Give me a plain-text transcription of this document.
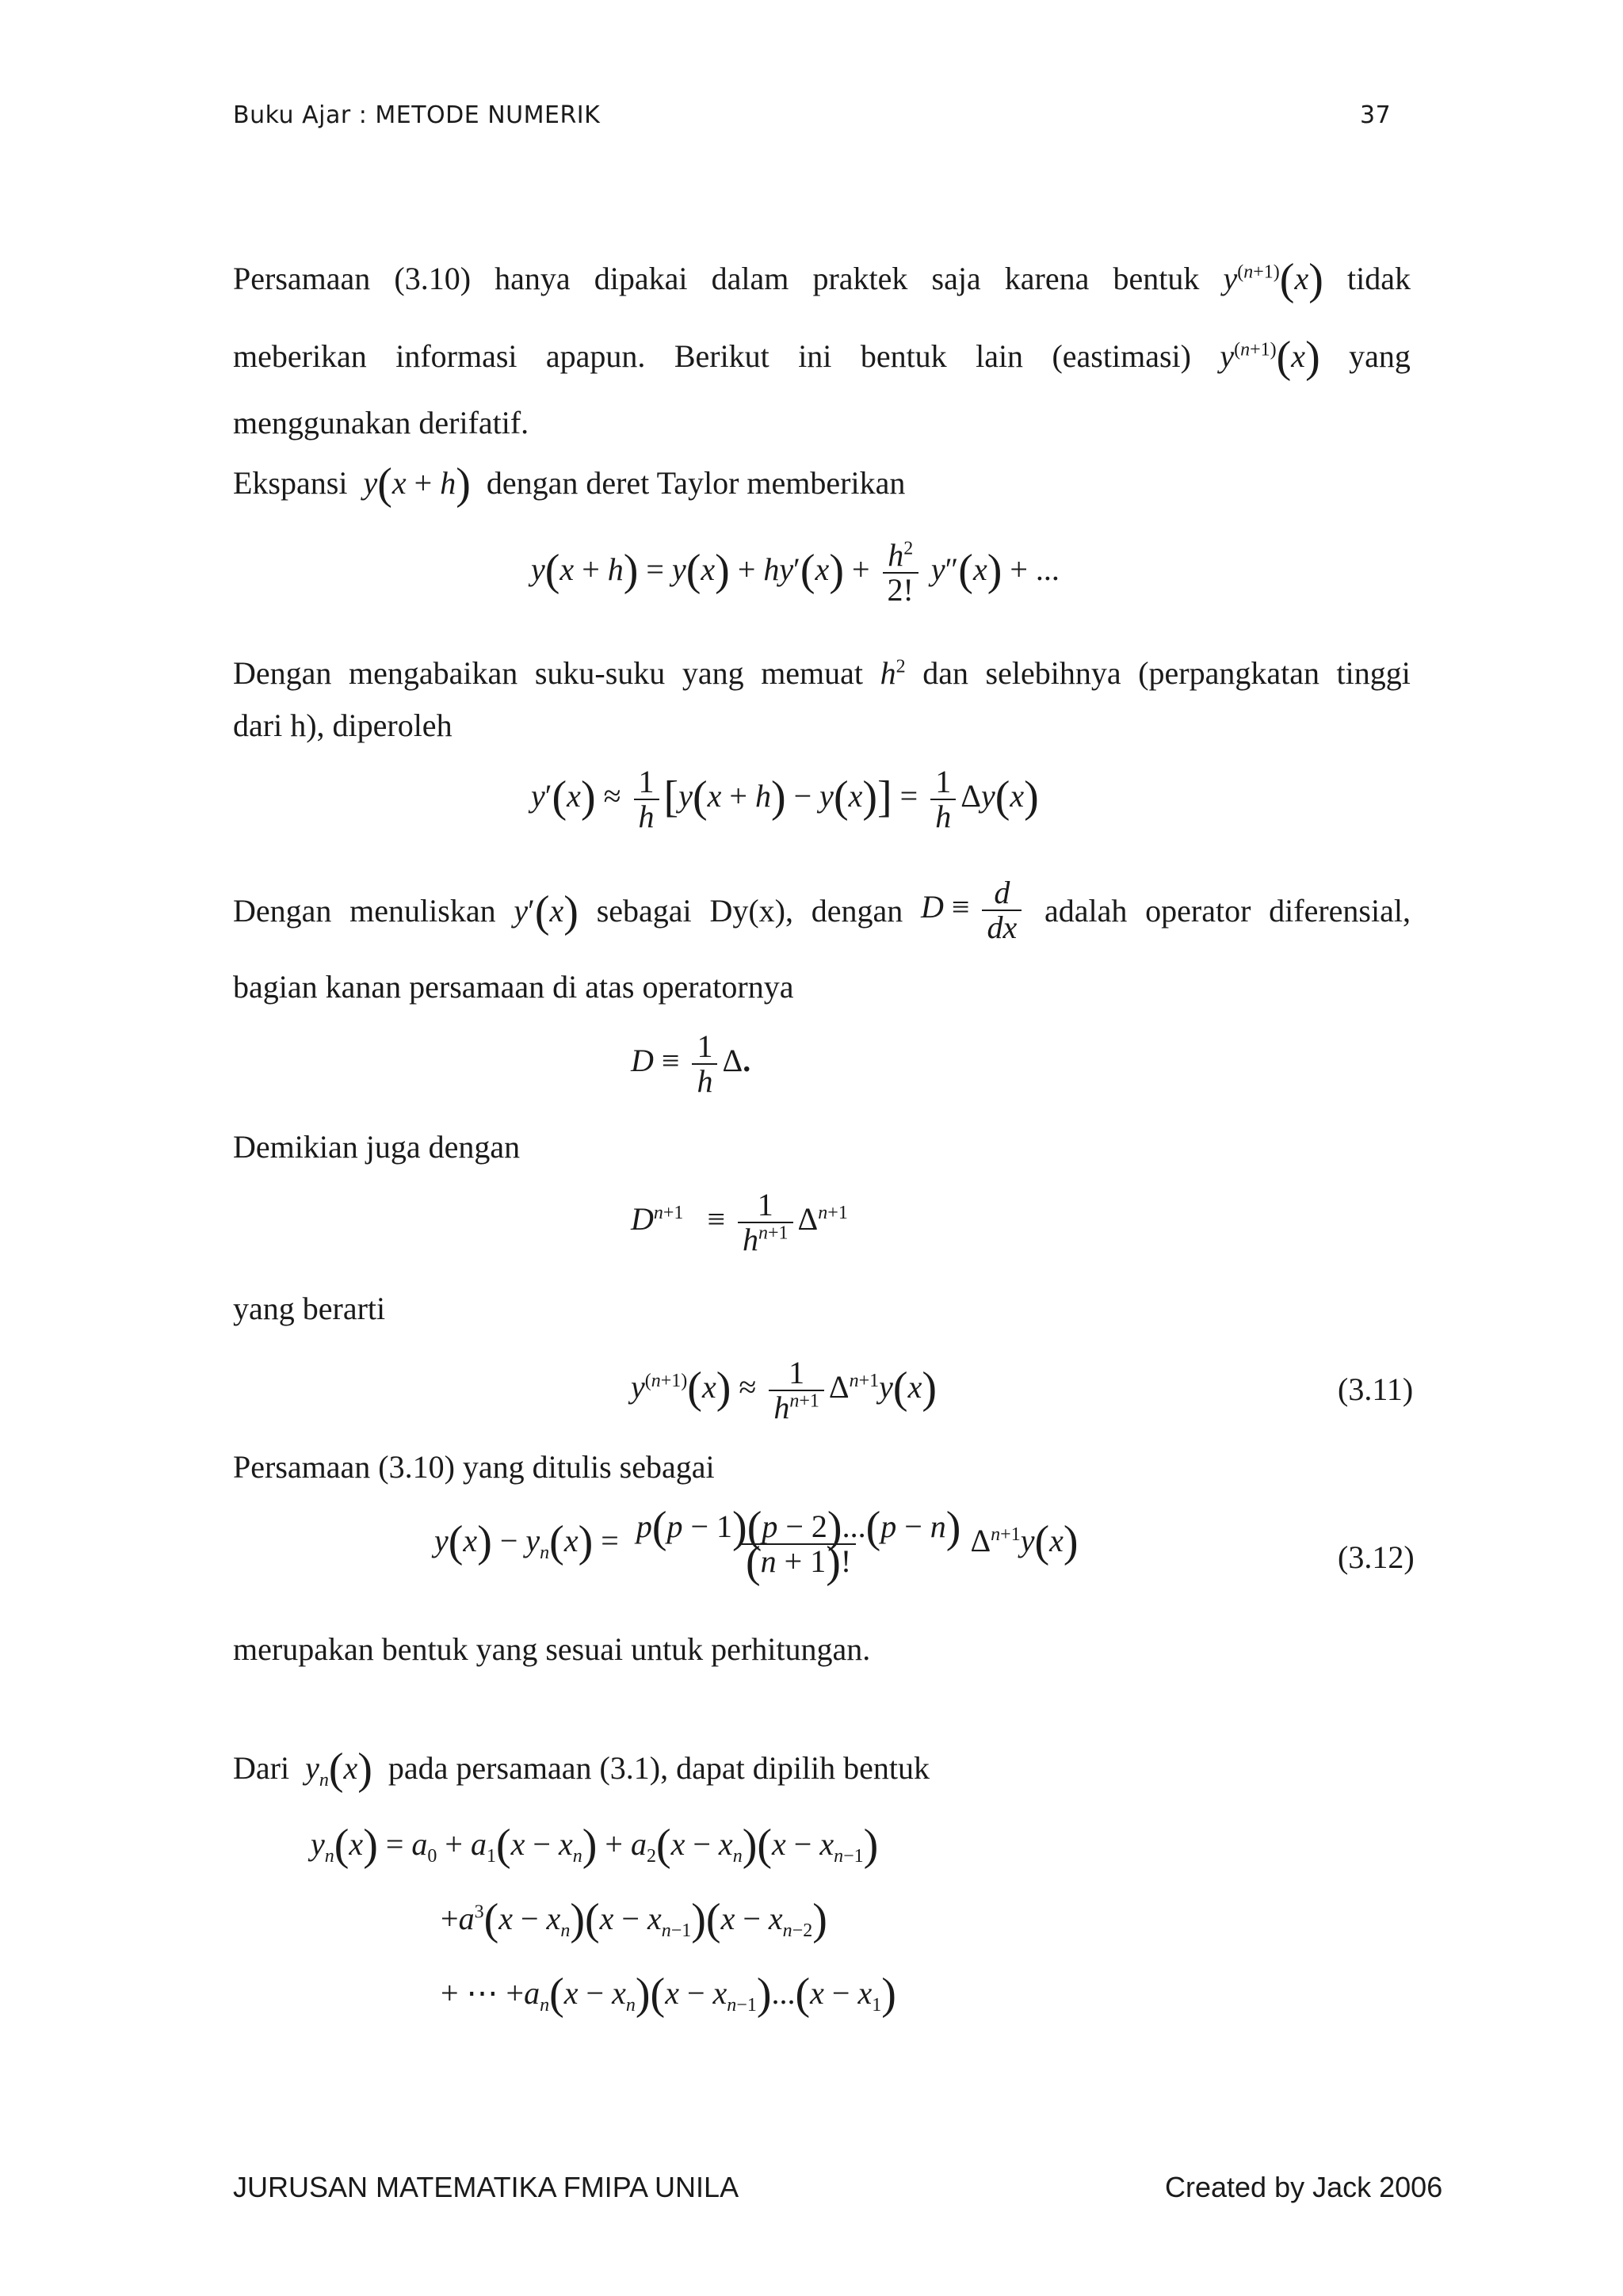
Buku Ajar : METODE NUMERIK	37
Persamaan (3.10) hanya dipakai dalam praktek saja karena bentuk $y^{(n+1)}(x)$ tidak
meberikan informasi apapun. Berikut ini bentuk lain (eastimasi) $y^{(n+1)}(x)$ yang
menggunakan derifatif.
Ekspansi y(x + h) dengan deret Taylor memberikan
$y(x + h) = y(x) + hy'(x) + \frac{h^2}{2!} y''(x)$ + ...
Dengan mengabaikan suku-suku yang memuat $h^2$ dan selebihnya (perpangkatan tinggi
dari h), diperoleh
$y'(x) \approx \frac{1}{h} [y(x + h) - y(x)] = \frac{1}{h} \Delta y(x)$
Dengan menuliskan y′(x) sebagai Dy(x), dengan $D \equiv \frac{d}{dx}$ adalah operator diferensial,
bagian kanan persamaan di atas operatornya
$D \equiv \frac{1}{h} \Delta$.
Demikian juga dengan
$D^{n+1} \equiv \frac{1}{h^{n+1}} \Delta^{n+1}$
yang berarti
$y^{(n+1)}(x) \approx \frac{1}{h^{n+1}} \Delta^{n+1}y(x)$	(3.11)
Persamaan (3.10) yang ditulis sebagai
$y(x) - y_n(x) = \frac{p(p - 1)(p - 2)...(p - n)}{(n + 1)!} \Delta^{n+1}y(x)$	(3.12)
merupakan bentuk yang sesuai untuk perhitungan.
Dari $y_n(x)$ pada persamaan (3.1), dapat dipilih bentuk
$y_n(x) = a_0 + a_1(x - x_n) + a_2(x - x_n)(x - x_{n-1})$
$+a^3(x - x_n)(x - x_{n-1})(x - x_{n-2})$
+ ⋯ $+a_n(x - x_n)(x - x_{n-1})...(x - x_1)$
JURUSAN MATEMATIKA FMIPA UNILA	Created by Jack 2006
